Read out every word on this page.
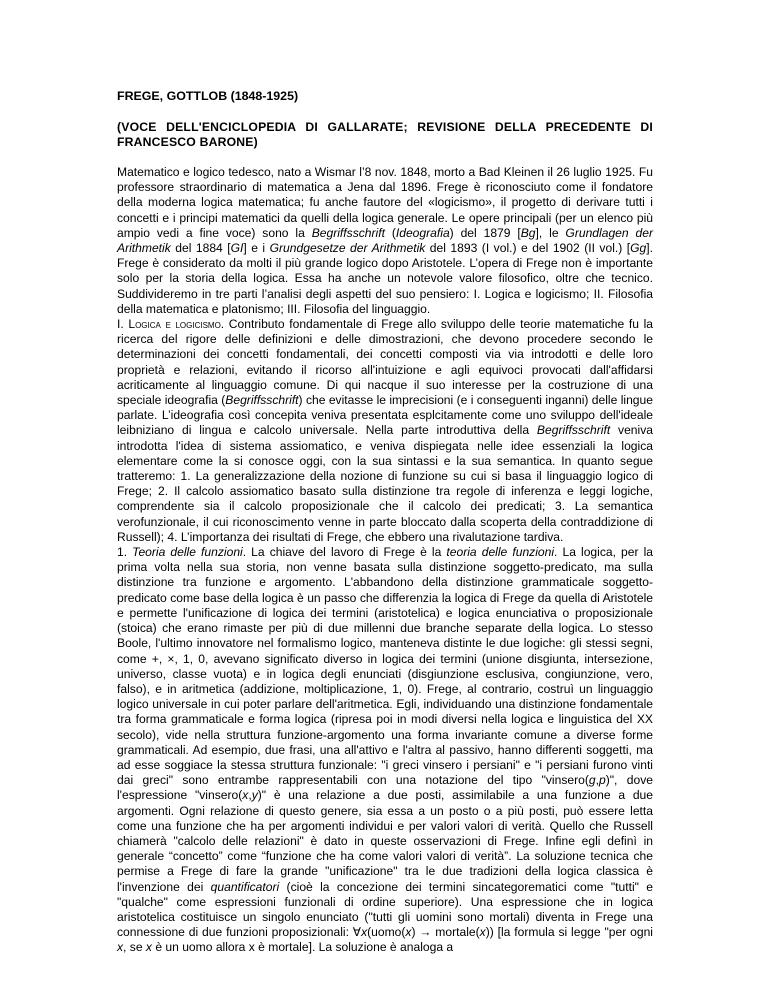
FREGE, GOTTLOB (1848-1925)
(VOCE DELL'ENCICLOPEDIA DI GALLARATE; REVISIONE DELLA PRECEDENTE DI FRANCESCO BARONE)

Matematico e logico tedesco, nato a Wismar l’8 nov. 1848, morto a Bad Kleinen il 26 luglio 1925. Fu professore straordinario di matematica a Jena dal 1896. Frege è riconosciuto come il fondatore della moderna logica matematica; fu anche fautore del «logicismo», il progetto di derivare tutti i concetti e i principi matematici da quelli della logica generale. Le opere principali (per un elenco più ampio vedi a fine voce) sono la Begriffsschrift (Ideografia) del 1879 [Bg], le Grundlagen der Arithmetik del 1884 [GI] e i Grundgesetze der Arithmetik del 1893 (I vol.) e del 1902 (II vol.) [Gg]. Frege è considerato da molti il più grande logico dopo Aristotele. L’opera di Frege non è importante solo per la storia della logica. Essa ha anche un notevole valore filosofico, oltre che tecnico. Suddivideremo in tre parti l’analisi degli aspetti del suo pensiero: I. Logica e logicismo; II. Filosofia della matematica e platonismo; III. Filosofia del linguaggio.

I. Logica e logicismo. Contributo fondamentale di Frege allo sviluppo delle teorie matematiche fu la ricerca del rigore delle definizioni e delle dimostrazioni, che devono procedere secondo le determinazioni dei concetti fondamentali, dei concetti composti via via introdotti e delle loro proprietà e relazioni, evitando il ricorso all'intuizione e agli equivoci provocati dall'affidarsi acriticamente al linguaggio comune. Di qui nacque il suo interesse per la costruzione di una speciale ideografia (Begriffsschrift) che evitasse le imprecisioni (e i conseguenti inganni) delle lingue parlate. L’ideografia così concepita veniva presentata esplcitamente come uno sviluppo dell'ideale leibniziano di lingua e calcolo universale. Nella parte introduttiva della Begriffsschrift veniva introdotta l'idea di sistema assiomatico, e veniva dispiegata nelle idee essenziali la logica elementare come la si conosce oggi, con la sua sintassi e la sua semantica. In quanto segue tratteremo: 1. La generalizzazione della nozione di funzione su cui si basa il linguaggio logico di Frege; 2. Il calcolo assiomatico basato sulla distinzione tra regole di inferenza e leggi logiche, comprendente sia il calcolo proposizionale che il calcolo dei predicati; 3. La semantica verofunzionale, il cui riconoscimento venne in parte bloccato dalla scoperta della contraddizione di Russell); 4. L’importanza dei risultati di Frege, che ebbero una rivalutazione tardiva.

1. Teoria delle funzioni. La chiave del lavoro di Frege è la teoria delle funzioni. La logica, per la prima volta nella sua storia, non venne basata sulla distinzione soggetto-predicato, ma sulla distinzione tra funzione e argomento. L'abbandono della distinzione grammaticale soggetto-predicato come base della logica è un passo che differenzia la logica di Frege da quella di Aristotele e permette l'unificazione di logica dei termini (aristotelica) e logica enunciativa o proposizionale (stoica) che erano rimaste per più di due millenni due branche separate della logica. Lo stesso Boole, l'ultimo innovatore nel formalismo logico, manteneva distinte le due logiche: gli stessi segni, come +, ×, 1, 0, avevano significato diverso in logica dei termini (unione disgiunta, intersezione, universo, classe vuota) e in logica degli enunciati (disgiunzione esclusiva, congiunzione, vero, falso), e in aritmetica (addizione, moltiplicazione, 1, 0). Frege, al contrario, costruì un linguaggio logico universale in cui poter parlare dell'aritmetica. Egli, individuando una distinzione fondamentale tra forma grammaticale e forma logica (ripresa poi in modi diversi nella logica e linguistica del XX secolo), vide nella struttura funzione-argomento una forma invariante comune a diverse forme grammaticali. Ad esempio, due frasi, una all'attivo e l'altra al passivo, hanno differenti soggetti, ma ad esse soggiace la stessa struttura funzionale: "i greci vinsero i persiani" e "i persiani furono vinti dai greci" sono entrambe rappresentabili con una notazione del tipo "vinsero(g,p)", dove l'espressione "vinsero(x,y)" è una relazione a due posti, assimilabile a una funzione a due argomenti. Ogni relazione di questo genere, sia essa a un posto o a più posti, può essere letta come una funzione che ha per argomenti individui e per valori valori di verità. Quello che Russell chiamerà "calcolo delle relazioni" è dato in queste osservazioni di Frege. Infine egli definì in generale “concetto” come “funzione che ha come valori valori di verità”. La soluzione tecnica che permise a Frege di fare la grande "unificazione" tra le due tradizioni della logica classica è l'invenzione dei quantificatori (cioè la concezione dei termini sincategorematici come "tutti" e "qualche" come espressioni funzionali di ordine superiore). Una espressione che in logica aristotelica costituisce un singolo enunciato ("tutti gli uomini sono mortali) diventa in Frege una connessione di due funzioni proposizionali: ∀x(uomo(x) → mortale(x)) [la formula si legge "per ogni x, se x è un uomo allora x è mortale]. La soluzione è analoga a
